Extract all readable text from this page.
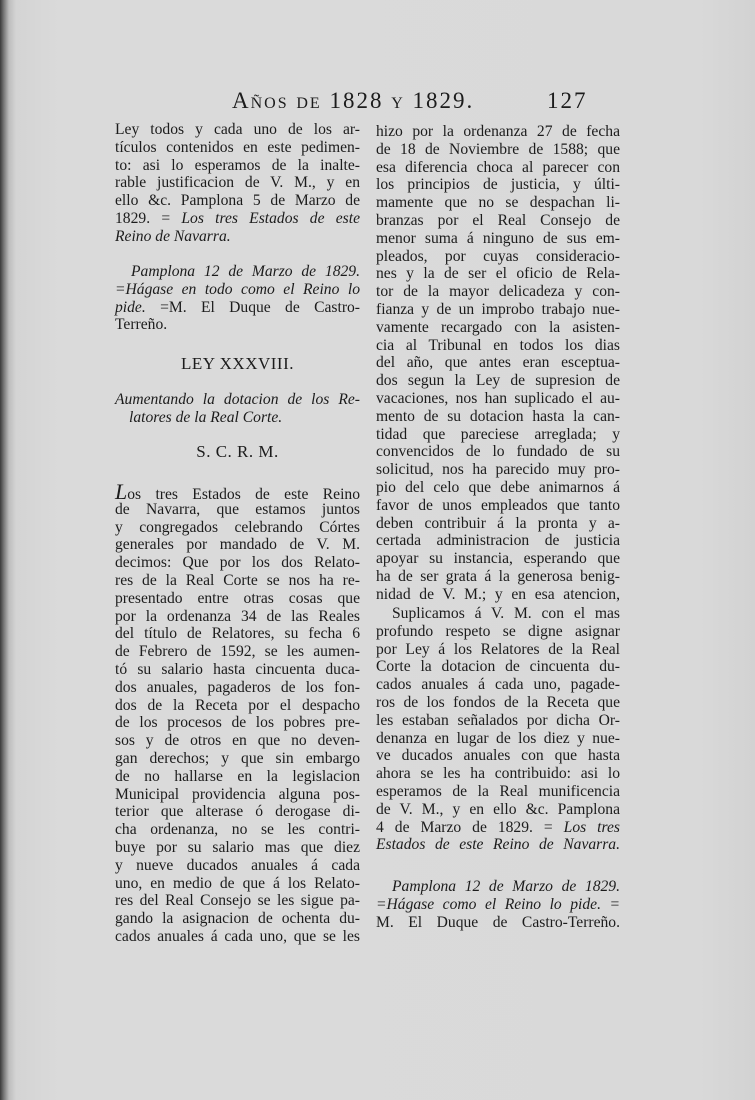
Años de 1828 y 1829.	127
Ley todos y cada uno de los ar-
tículos contenidos en este pedimen-
to: asi lo esperamos de la inalte-
rable justificacion de V. M., y en
ello &c. Pamplona 5 de Marzo de
1829. = Los tres Estados de este
Reino de Navarra.
Pamplona 12 de Marzo de 1829.
=Hágase en todo como el Reino lo
pide. =M. El Duque de Castro-
Terreño.
LEY XXXVIII.
Aumentando la dotacion de los Re-
latores de la Real Corte.
S. C. R. M.
Los tres Estados de este Reino
de Navarra, que estamos juntos
y congregados celebrando Córtes
generales por mandado de V. M.
decimos: Que por los dos Relato-
res de la Real Corte se nos ha re-
presentado entre otras cosas que
por la ordenanza 34 de las Reales
del título de Relatores, su fecha 6
de Febrero de 1592, se les aumen-
tó su salario hasta cincuenta duca-
dos anuales, pagaderos de los fon-
dos de la Receta por el despacho
de los procesos de los pobres pre-
sos y de otros en que no deven-
gan derechos; y que sin embargo
de no hallarse en la legislacion
Municipal providencia alguna pos-
terior que alterase ó derogase di-
cha ordenanza, no se les contri-
buye por su salario mas que diez
y nueve ducados anuales á cada
uno, en medio de que á los Relato-
res del Real Consejo se les sigue pa-
gando la asignacion de ochenta du-
cados anuales á cada uno, que se les
hizo por la ordenanza 27 de fecha
de 18 de Noviembre de 1588; que
esa diferencia choca al parecer con
los principios de justicia, y últi-
mamente que no se despachan li-
branzas por el Real Consejo de
menor suma á ninguno de sus em-
pleados, por cuyas consideracio-
nes y la de ser el oficio de Rela-
tor de la mayor delicadeza y con-
fianza y de un improbo trabajo nue-
vamente recargado con la asisten-
cia al Tribunal en todos los dias
del año, que antes eran esceptua-
dos segun la Ley de supresion de
vacaciones, nos han suplicado el au-
mento de su dotacion hasta la can-
tidad que pareciese arreglada; y
convencidos de lo fundado de su
solicitud, nos ha parecido muy pro-
pio del celo que debe animarnos á
favor de unos empleados que tanto
deben contribuir á la pronta y a-
certada administracion de justicia
apoyar su instancia, esperando que
ha de ser grata á la generosa benig-
nidad de V. M.; y en esa atencion,
Suplicamos á V. M. con el mas
profundo respeto se digne asignar
por Ley á los Relatores de la Real
Corte la dotacion de cincuenta du-
cados anuales á cada uno, pagade-
ros de los fondos de la Receta que
les estaban señalados por dicha Or-
denanza en lugar de los diez y nue-
ve ducados anuales con que hasta
ahora se les ha contribuido: asi lo
esperamos de la Real munificencia
de V. M., y en ello &c. Pamplona
4 de Marzo de 1829. = Los tres
Estados de este Reino de Navarra.
Pamplona 12 de Marzo de 1829.
=Hágase como el Reino lo pide. =
M. El Duque de Castro-Terreño.
